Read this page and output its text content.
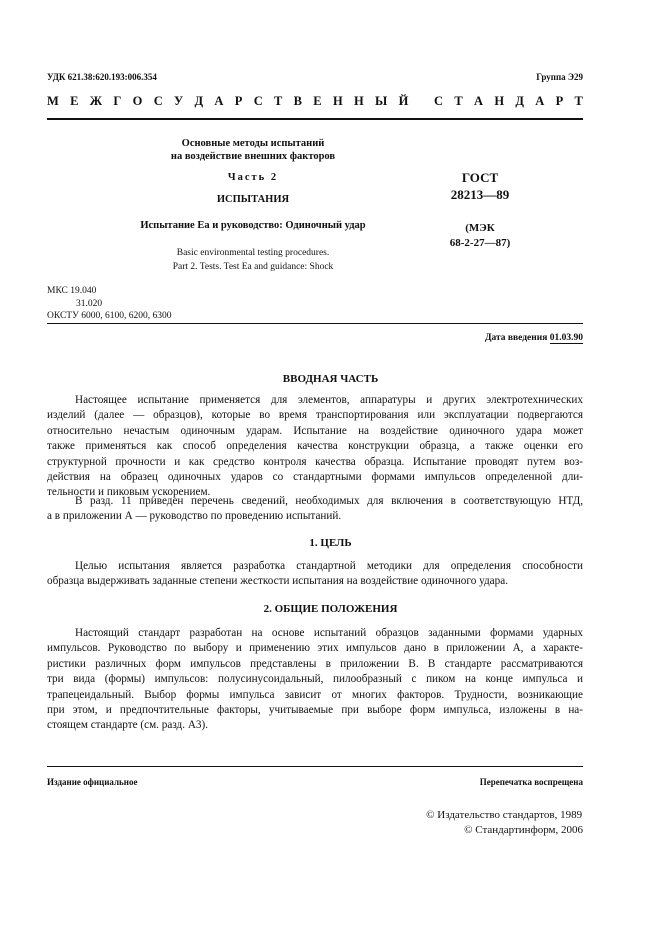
УДК 621.38:620.193:006.354	Группа Э29
М Е Ж Г О С У Д А Р С Т В Е Н Н Ы Й
С Т А Н Д А Р Т
Основные методы испытаний
на воздействие внешних факторов
Часть 2
ИСПЫТАНИЯ
Испытание Ea и руководство: Одиночный удар
Basic environmental testing procedures.
Part 2. Tests. Test Ea and guidance: Shock
ГОСТ
28213—89
(МЭК
68-2-27—87)
МКС 19.040
31.020
ОКСТУ 6000, 6100, 6200, 6300
Дата введения 01.03.90
ВВОДНАЯ ЧАСТЬ
Настоящее испытание применяется для элементов, аппаратуры и других электротехнических
изделий (далее — образцов), которые во время транспортирования или эксплуатации подвергаются
относительно нечастым одиночным ударам. Испытание на воздействие одиночного удара может
также применяться как способ определения качества конструкции образца, а также оценки его
структурной прочности и как средство контроля качества образца. Испытание проводят путем воз-
действия на образец одиночных ударов со стандартными формами импульсов определенной дли-
тельности и пиковым ускорением.
В разд. 11 приведен перечень сведений, необходимых для включения в соответствующую НТД,
а в приложении А — руководство по проведению испытаний.
1. ЦЕЛЬ
Целью испытания является разработка стандартной методики для определения способности
образца выдерживать заданные степени жесткости испытания на воздействие одиночного удара.
2. ОБЩИЕ ПОЛОЖЕНИЯ
Настоящий стандарт разработан на основе испытаний образцов заданными формами ударных
импульсов. Руководство по выбору и применению этих импульсов дано в приложении А, а характе-
ристики различных форм импульсов представлены в приложении В. В стандарте рассматриваются
три вида (формы) импульсов: полусинусоидальный, пилообразный с пиком на конце импульса и
трапецеидальный. Выбор формы импульса зависит от многих факторов. Трудности, возникающие
при этом, и предпочтительные факторы, учитываемые при выборе форм импульса, изложены в на-
стоящем стандарте (см. разд. А3).
Издание официальное	Перепечатка воспрещена
© Издательство стандартов, 1989
© Стандартинформ, 2006
